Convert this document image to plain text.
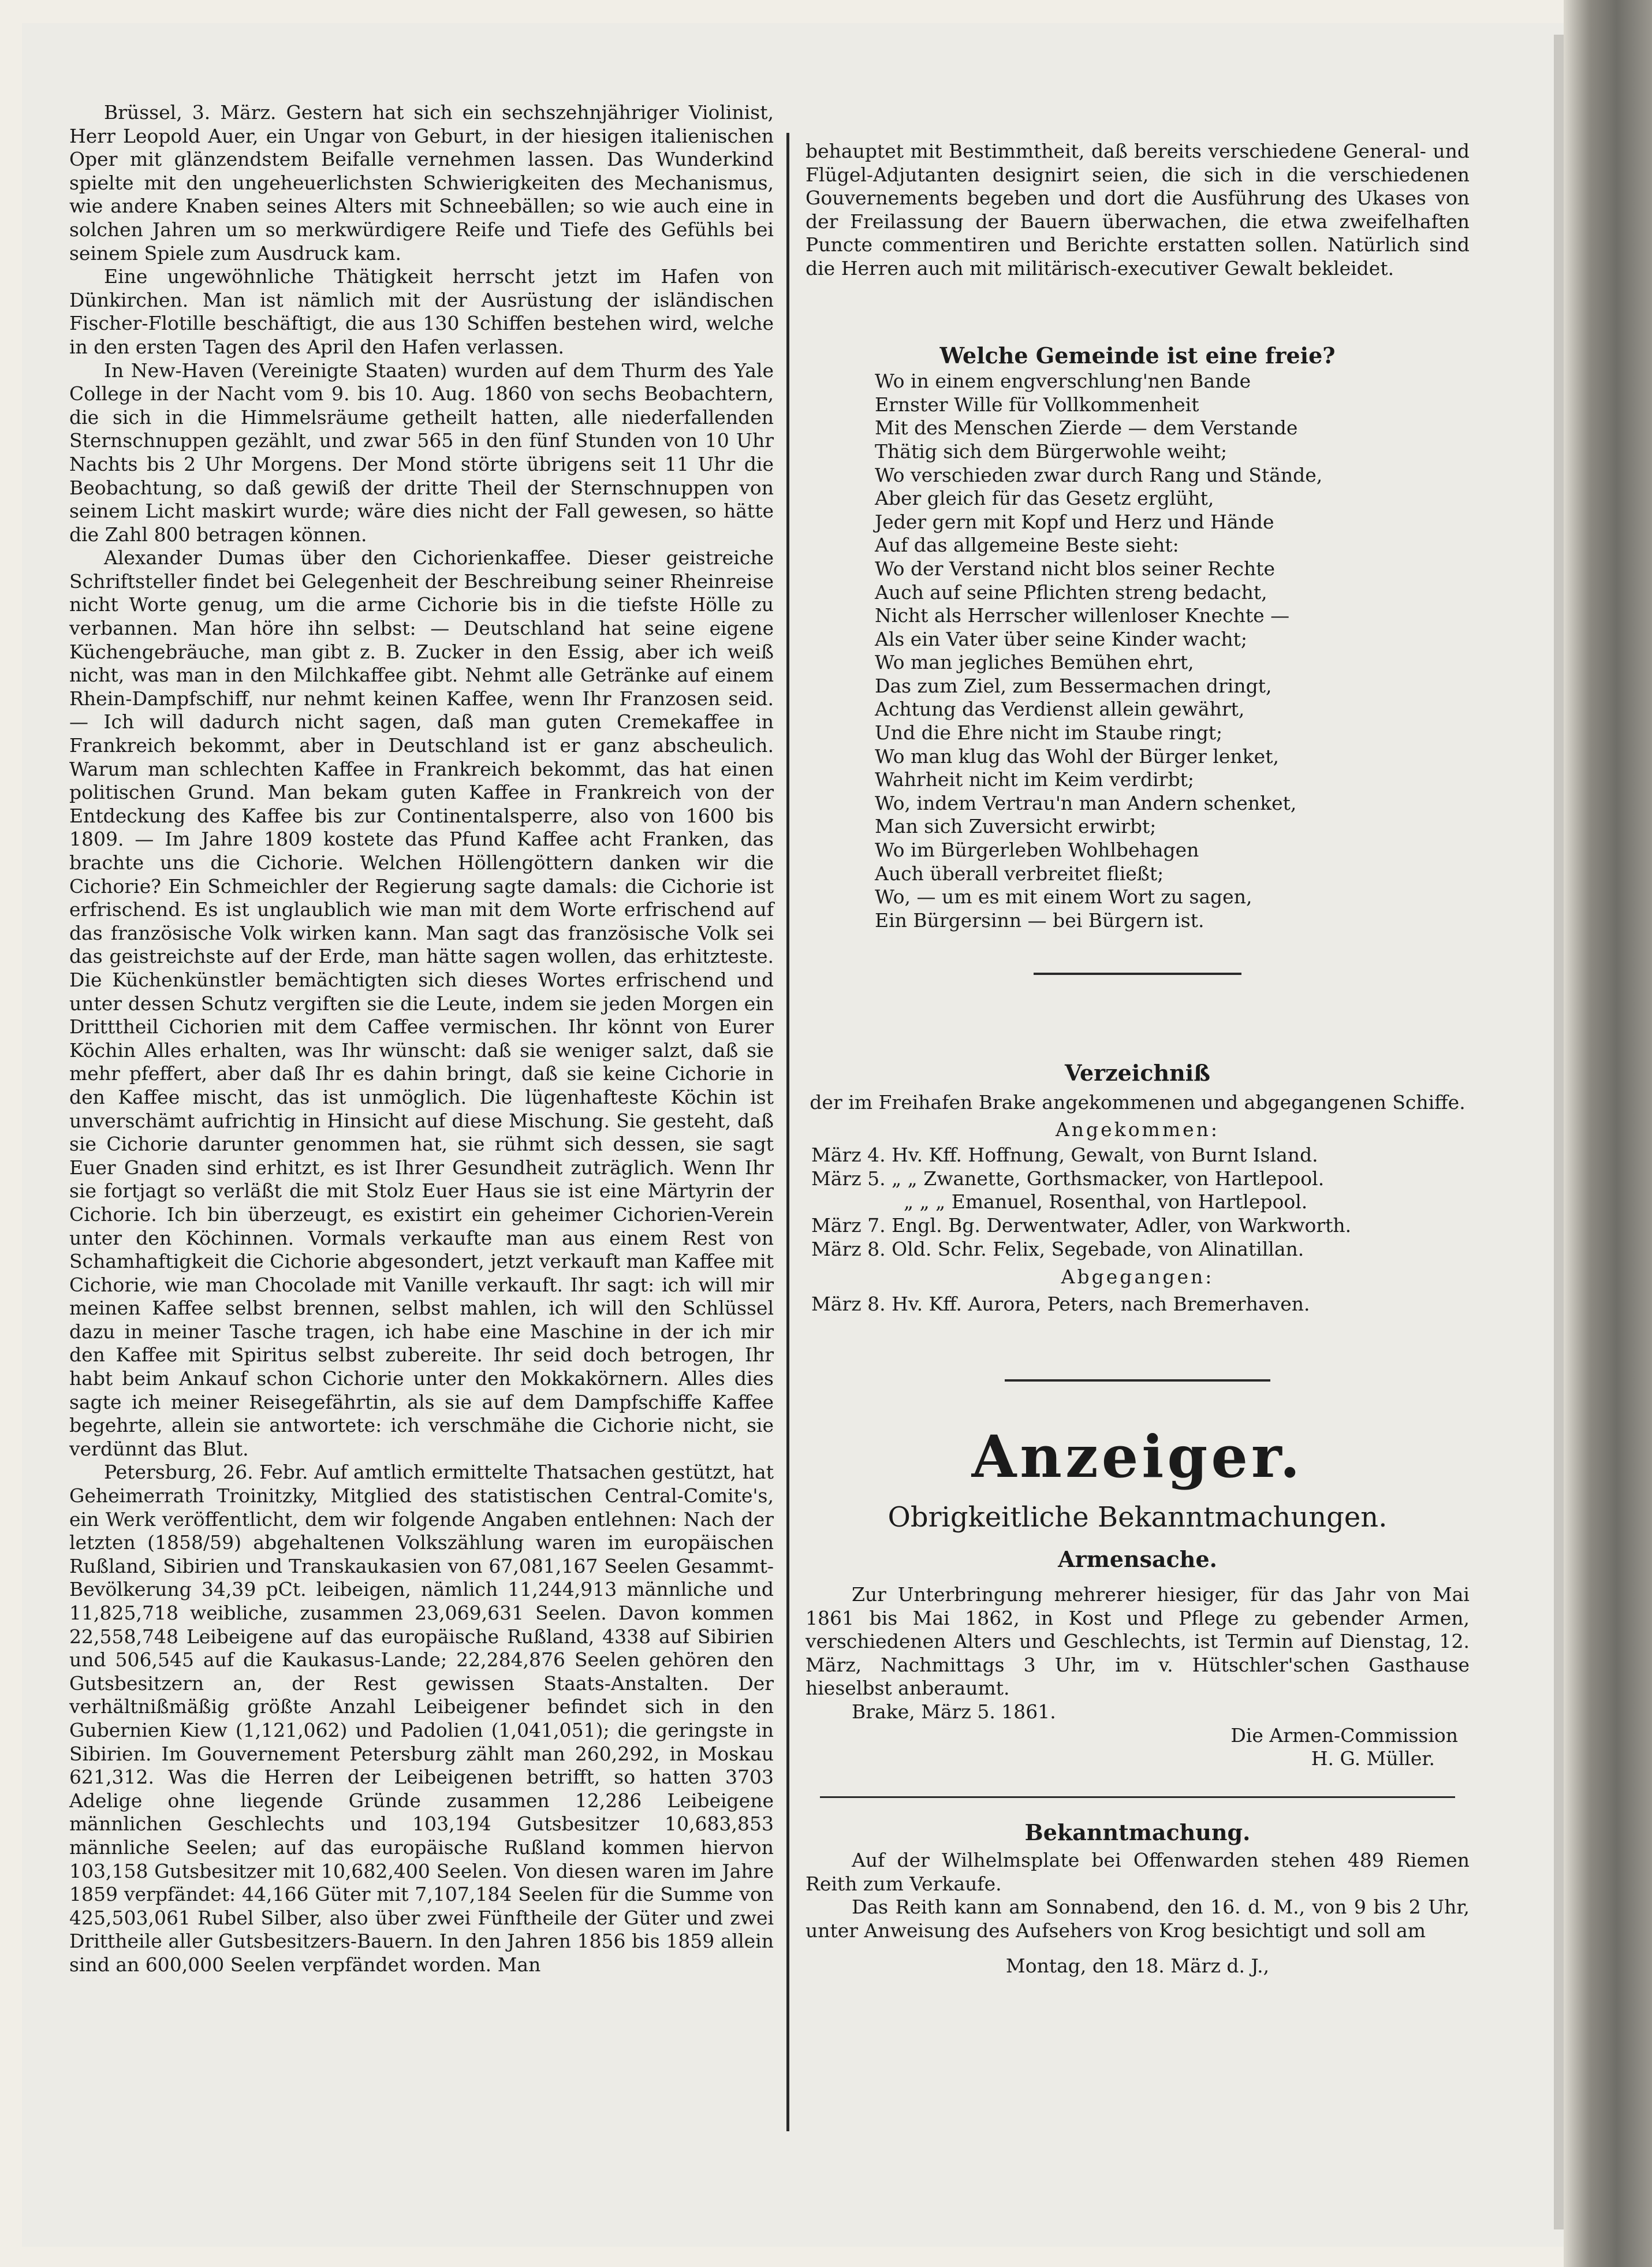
Brüssel, 3. März. Gestern hat sich ein sechszehnjähriger Violinist, Herr Leopold Auer, ein Ungar von Geburt, in der hiesigen italienischen Oper mit glänzendstem Beifalle vernehmen lassen. Das Wunderkind spielte mit den ungeheuerlichsten Schwierigkeiten des Mechanismus, wie andere Knaben seines Alters mit Schneebällen; so wie auch eine in solchen Jahren um so merkwürdigere Reife und Tiefe des Gefühls bei seinem Spiele zum Ausdruck kam.

Eine ungewöhnliche Thätigkeit herrscht jetzt im Hafen von Dünkirchen. Man ist nämlich mit der Ausrüstung der isländischen Fischer-Flotille beschäftigt, die aus 130 Schiffen bestehen wird, welche in den ersten Tagen des April den Hafen verlassen.

In New-Haven (Vereinigte Staaten) wurden auf dem Thurm des Yale College in der Nacht vom 9. bis 10. Aug. 1860 von sechs Beobachtern, die sich in die Himmelsräume getheilt hatten, alle niederfallenden Sternschnuppen gezählt, und zwar 565 in den fünf Stunden von 10 Uhr Nachts bis 2 Uhr Morgens. Der Mond störte übrigens seit 11 Uhr die Beobachtung, so daß gewiß der dritte Theil der Sternschnuppen von seinem Licht maskirt wurde; wäre dies nicht der Fall gewesen, so hätte die Zahl 800 betragen können.

Alexander Dumas über den Cichorienkaffee. Dieser geistreiche Schriftsteller findet bei Gelegenheit der Beschreibung seiner Rheinreise nicht Worte genug, um die arme Cichorie bis in die tiefste Hölle zu verbannen. Man höre ihn selbst: — Deutschland hat seine eigene Küchengebräuche, man gibt z. B. Zucker in den Essig, aber ich weiß nicht, was man in den Milchkaffee gibt. Nehmt alle Getränke auf einem Rhein-Dampfschiff, nur nehmt keinen Kaffee, wenn Ihr Franzosen seid. — Ich will dadurch nicht sagen, daß man guten Cremekaffee in Frankreich bekommt, aber in Deutschland ist er ganz abscheulich. Warum man schlechten Kaffee in Frankreich bekommt, das hat einen politischen Grund. Man bekam guten Kaffee in Frankreich von der Entdeckung des Kaffee bis zur Continentalsperre, also von 1600 bis 1809. — Im Jahre 1809 kostete das Pfund Kaffee acht Franken, das brachte uns die Cichorie. Welchen Höllengöttern danken wir die Cichorie? Ein Schmeichler der Regierung sagte damals: die Cichorie ist erfrischend. Es ist unglaublich wie man mit dem Worte erfrischend auf das französische Volk wirken kann. Man sagt das französische Volk sei das geistreichste auf der Erde, man hätte sagen wollen, das erhitzteste. Die Küchenkünstler bemächtigten sich dieses Wortes erfrischend und unter dessen Schutz vergiften sie die Leute, indem sie jeden Morgen ein Dritttheil Cichorien mit dem Caffee vermischen. Ihr könnt von Eurer Köchin Alles erhalten, was Ihr wünscht: daß sie weniger salzt, daß sie mehr pfeffert, aber daß Ihr es dahin bringt, daß sie keine Cichorie in den Kaffee mischt, das ist unmöglich. Die lügenhafteste Köchin ist unverschämt aufrichtig in Hinsicht auf diese Mischung. Sie gesteht, daß sie Cichorie darunter genommen hat, sie rühmt sich dessen, sie sagt Euer Gnaden sind erhitzt, es ist Ihrer Gesundheit zuträglich. Wenn Ihr sie fortjagt so verläßt die mit Stolz Euer Haus sie ist eine Märtyrin der Cichorie. Ich bin überzeugt, es existirt ein geheimer Cichorien-Verein unter den Köchinnen. Vormals verkaufte man aus einem Rest von Schamhaftigkeit die Cichorie abgesondert, jetzt verkauft man Kaffee mit Cichorie, wie man Chocolade mit Vanille verkauft. Ihr sagt: ich will mir meinen Kaffee selbst brennen, selbst mahlen, ich will den Schlüssel dazu in meiner Tasche tragen, ich habe eine Maschine in der ich mir den Kaffee mit Spiritus selbst zubereite. Ihr seid doch betrogen, Ihr habt beim Ankauf schon Cichorie unter den Mokkakörnern. Alles dies sagte ich meiner Reisegefährtin, als sie auf dem Dampfschiffe Kaffee begehrte, allein sie antwortete: ich verschmähe die Cichorie nicht, sie verdünnt das Blut.

Petersburg, 26. Febr. Auf amtlich ermittelte Thatsachen gestützt, hat Geheimerrath Troinitzky, Mitglied des statistischen Central-Comite's, ein Werk veröffentlicht, dem wir folgende Angaben entlehnen: Nach der letzten (1858/59) abgehaltenen Volkszählung waren im europäischen Rußland, Sibirien und Transkaukasien von 67,081,167 Seelen Gesammt-Bevölkerung 34,39 pCt. leibeigen, nämlich 11,244,913 männliche und 11,825,718 weibliche, zusammen 23,069,631 Seelen. Davon kommen 22,558,748 Leibeigene auf das europäische Rußland, 4338 auf Sibirien und 506,545 auf die Kaukasus-Lande; 22,284,876 Seelen gehören den Gutsbesitzern an, der Rest gewissen Staats-Anstalten. Der verhältnißmäßig größte Anzahl Leibeigener befindet sich in den Gubernien Kiew (1,121,062) und Padolien (1,041,051); die geringste in Sibirien. Im Gouvernement Petersburg zählt man 260,292, in Moskau 621,312. Was die Herren der Leibeigenen betrifft, so hatten 3703 Adelige ohne liegende Gründe zusammen 12,286 Leibeigene männlichen Geschlechts und 103,194 Gutsbesitzer 10,683,853 männliche Seelen; auf das europäische Rußland kommen hiervon 103,158 Gutsbesitzer mit 10,682,400 Seelen. Von diesen waren im Jahre 1859 verpfändet: 44,166 Güter mit 7,107,184 Seelen für die Summe von 425,503,061 Rubel Silber, also über zwei Fünftheile der Güter und zwei Drittheile aller Gutsbesitzers-Bauern. In den Jahren 1856 bis 1859 allein sind an 600,000 Seelen verpfändet worden. Man

behauptet mit Bestimmtheit, daß bereits verschiedene General- und Flügel-Adjutanten designirt seien, die sich in die verschiedenen Gouvernements begeben und dort die Ausführung des Ukases von der Freilassung der Bauern überwachen, die etwa zweifelhaften Puncte commentiren und Berichte erstatten sollen. Natürlich sind die Herren auch mit militärisch-executiver Gewalt bekleidet.

Welche Gemeinde ist eine freie?
Wo in einem engverschlung'nen Bande
Ernster Wille für Vollkommenheit
Mit des Menschen Zierde — dem Verstande
Thätig sich dem Bürgerwohle weiht;
Wo verschieden zwar durch Rang und Stände,
Aber gleich für das Gesetz erglüht,
Jeder gern mit Kopf und Herz und Hände
Auf das allgemeine Beste sieht:
Wo der Verstand nicht blos seiner Rechte
Auch auf seine Pflichten streng bedacht,
Nicht als Herrscher willenloser Knechte —
Als ein Vater über seine Kinder wacht;
Wo man jegliches Bemühen ehrt,
Das zum Ziel, zum Bessermachen dringt,
Achtung das Verdienst allein gewährt,
Und die Ehre nicht im Staube ringt;
Wo man klug das Wohl der Bürger lenket,
Wahrheit nicht im Keim verdirbt;
Wo, indem Vertrau'n man Andern schenket,
Man sich Zuversicht erwirbt;
Wo im Bürgerleben Wohlbehagen
Auch überall verbreitet fließt;
Wo, — um es mit einem Wort zu sagen,
Ein Bürgersinn — bei Bürgern ist.
Verzeichniß
der im Freihafen Brake angekommenen und abgegangenen Schiffe.
Angekommen:
März 4. Hv. Kff. Hoffnung, Gewalt, von Burnt Island.
März 5. „ „ Zwanette, Gorthsmacker, von Hartlepool.
„ „ „ Emanuel, Rosenthal, von Hartlepool.
März 7. Engl. Bg. Derwentwater, Adler, von Warkworth.
März 8. Old. Schr. Felix, Segebade, von Alinatillan.
Abgegangen:
März 8. Hv. Kff. Aurora, Peters, nach Bremerhaven.
Anzeiger.
Obrigkeitliche Bekanntmachungen.
Armensache.

Zur Unterbringung mehrerer hiesiger, für das Jahr von Mai 1861 bis Mai 1862, in Kost und Pflege zu gebender Armen, verschiedenen Alters und Geschlechts, ist Termin auf Dienstag, 12. März, Nachmittags 3 Uhr, im v. Hütschler'schen Gasthause hieselbst anberaumt.

Brake, März 5. 1861.

Die Armen-Commission
H. G. Müller.
Bekanntmachung.

Auf der Wilhelmsplate bei Offenwarden stehen 489 Riemen Reith zum Verkaufe.

Das Reith kann am Sonnabend, den 16. d. M., von 9 bis 2 Uhr, unter Anweisung des Aufsehers von Krog besichtigt und soll am

Montag, den 18. März d. J.,
